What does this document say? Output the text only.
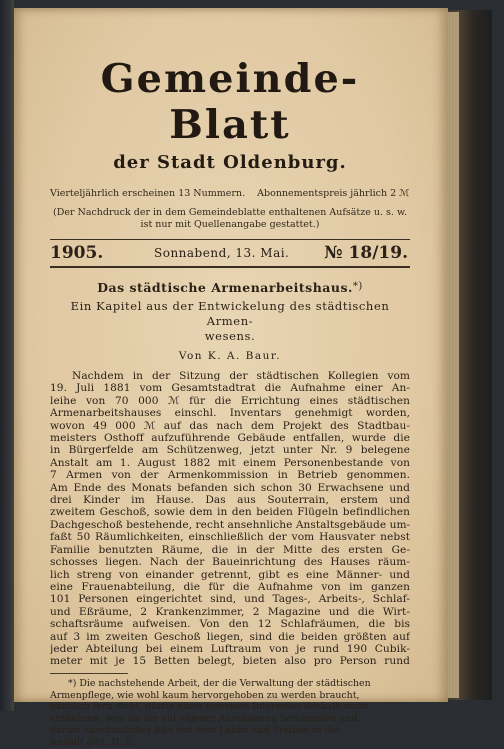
Gemeinde-Blatt

der Stadt Oldenburg.

Vierteljährlich erscheinen 13 Nummern. Abonnementspreis jährlich 2 ℳ

(Der Nachdruck der in dem Gemeindeblatte enthaltenen Aufsätze u. s. w.

ist nur mit Quellenangabe gestattet.)

1905.	Sonnabend, 13. Mai. № 18/19.

Das städtische Armenarbeitshaus.*)

Ein Kapitel aus der Entwickelung des städtischen Armen-
wesens.

Von K. A. Baur.

Nachdem in der Sitzung der städtischen Kollegien vom
19. Juli 1881 vom Gesamtstadtrat die Aufnahme einer An-
leihe von 70 000 ℳ für die Errichtung eines städtischen
Armenarbeitshauses einschl. Inventars genehmigt worden,
wovon 49 000 ℳ auf das nach dem Projekt des Stadtbau-
meisters Osthoff aufzuführende Gebäude entfallen, wurde die
in Bürgerfelde am Schützenweg, jetzt unter Nr. 9 belegene
Anstalt am 1. August 1882 mit einem Personenbestande von
7 Armen von der Armenkommission in Betrieb genommen.
Am Ende des Monats befanden sich schon 30 Erwachsene und
drei Kinder im Hause. Das aus Souterrain, erstem und
zweitem Geschoß, sowie dem in den beiden Flügeln befindlichen
Dachgeschoß bestehende, recht ansehnliche Anstaltsgebäude um-
faßt 50 Räumlichkeiten, einschließlich der vom Hausvater nebst
Familie benutzten Räume, die in der Mitte des ersten Ge-
schosses liegen. Nach der Baueinrichtung des Hauses räum-
lich streng von einander getrennt, gibt es eine Männer- und
eine Frauenabteilung, die für die Aufnahme von im ganzen
101 Personen eingerichtet sind, und Tages-, Arbeits-, Schlaf-
und Eßräume, 2 Krankenzimmer, 2 Magazine und die Wirt-
schaftsräume aufweisen. Von den 12 Schlafräumen, die bis
auf 3 im zweiten Geschoß liegen, sind die beiden größten auf
jeder Abteilung bei einem Luftraum von je rund 190 Cubik-
meter mit je 15 Betten belegt, bieten also pro Person rund
*) Die nachstehende Arbeit, der die Verwaltung der städtischen
Armenpflege, wie wohl kaum hervorgehoben zu werden braucht,
gänzlich fern steht, dürfte eines gewissen Interesses deshalb nicht
entbehren, weil sie ein auf eigener Anschauung beruhendes und
darum anschauliches Bild von dem Leben und Treiben in der
Anstalt gibt. D. R.
